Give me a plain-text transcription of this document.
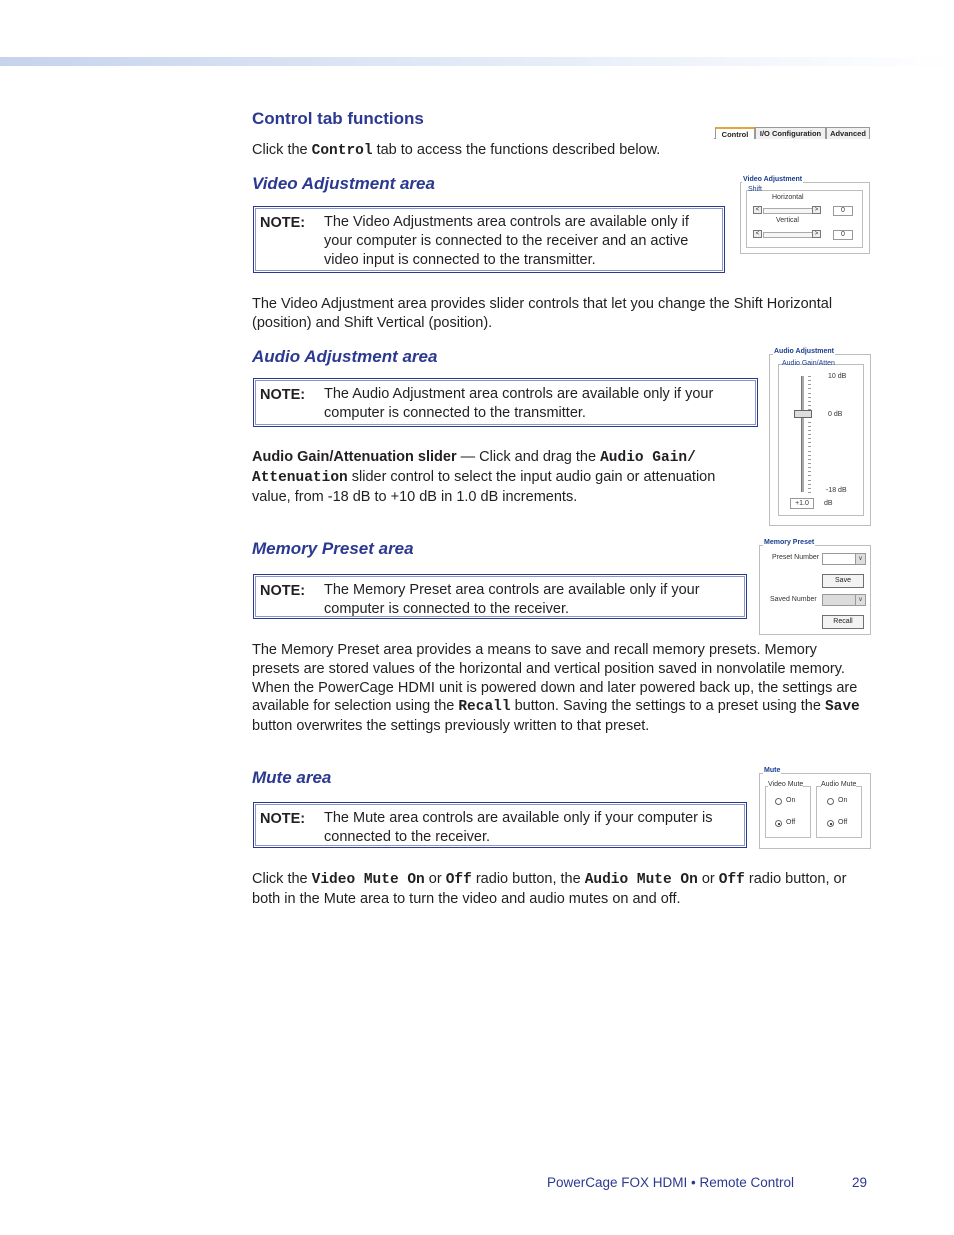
Control tab functions
Control	I/O Configuration	Advanced

Click the Control tab to access the functions described below.

Video Adjustment area
NOTE: The Video Adjustments area controls are available only if your computer is connected to the receiver and an active video input is connected to the transmitter.

The Video Adjustment area provides slider controls that let you change the Shift Horizontal (position) and Shift Vertical (position).

Video Adjustment
Shift
Horizontal
<	>	0
Vertical
<	>	0
Audio Adjustment area
NOTE: The Audio Adjustment area controls are available only if your computer is connected to the transmitter.

Audio Gain/Attenuation slider — Click and drag the Audio Gain/
Attenuation slider control to select the input audio gain or attenuation value, from -18 dB to +10 dB in 1.0 dB increments.

Audio Adjustment
Audio Gain/Atten
10 dB
0 dB
-18 dB
+1.0	dB
Memory Preset area
NOTE: The Memory Preset area controls are available only if your computer is connected to the receiver.

The Memory Preset area provides a means to save and recall memory presets. Memory presets are stored values of the horizontal and vertical position saved in nonvolatile memory. When the PowerCage HDMI unit is powered down and later powered back up, the settings are available for selection using the Recall button. Saving the settings to a preset using the Save button overwrites the settings previously written to that preset.

Memory Preset
Preset Number	v
Save
Saved Number	v
Recall
Mute area
NOTE: The Mute area controls are available only if your computer is connected to the receiver.

Click the Video Mute On or Off radio button, the Audio Mute On or Off radio button, or both in the Mute area to turn the video and audio mutes on and off.

Mute
Video Mute
On
Off
Audio Mute
On
Off
PowerCage FOX HDMI • Remote Control	29
